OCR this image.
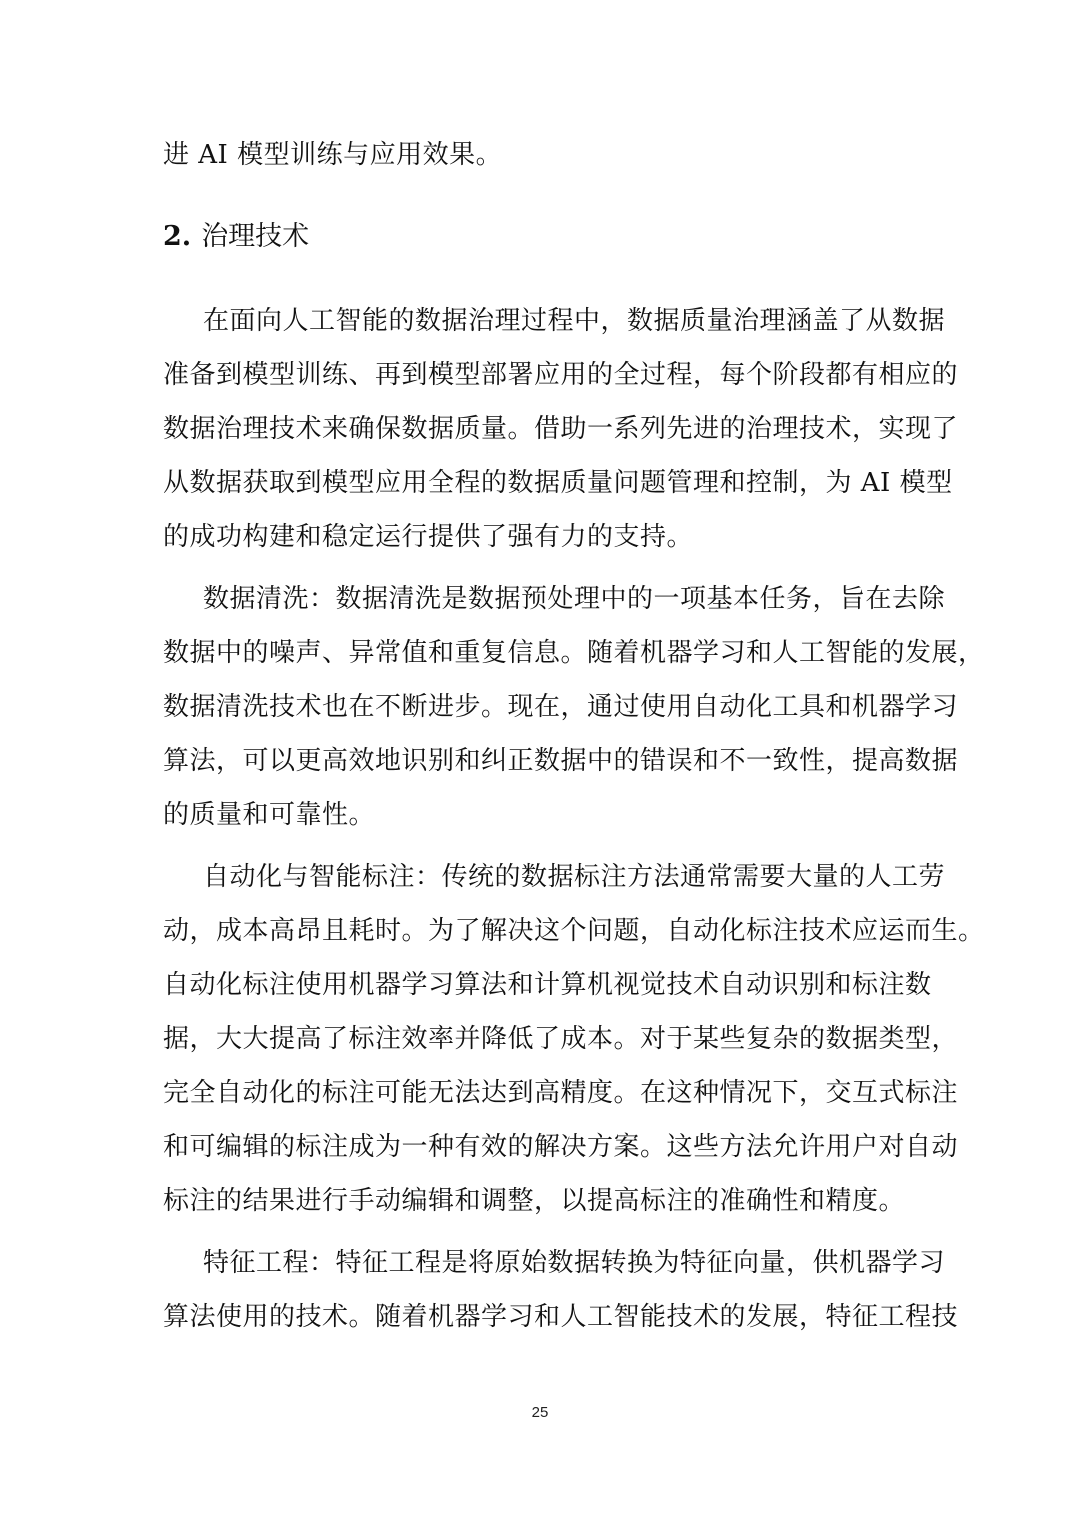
进 AI 模型训练与应用效果。

2. 治理技术

在面向人工智能的数据治理过程中，数据质量治理涵盖了从数据

准备到模型训练、再到模型部署应用的全过程，每个阶段都有相应的

数据治理技术来确保数据质量。借助一系列先进的治理技术，实现了

从数据获取到模型应用全程的数据质量问题管理和控制，为 AI 模型

的成功构建和稳定运行提供了强有力的支持。

数据清洗：数据清洗是数据预处理中的一项基本任务，旨在去除

数据中的噪声、异常值和重复信息。随着机器学习和人工智能的发展，

数据清洗技术也在不断进步。现在，通过使用自动化工具和机器学习

算法，可以更高效地识别和纠正数据中的错误和不一致性，提高数据

的质量和可靠性。

自动化与智能标注：传统的数据标注方法通常需要大量的人工劳

动，成本高昂且耗时。为了解决这个问题，自动化标注技术应运而生。

自动化标注使用机器学习算法和计算机视觉技术自动识别和标注数

据，大大提高了标注效率并降低了成本。对于某些复杂的数据类型，

完全自动化的标注可能无法达到高精度。在这种情况下，交互式标注

和可编辑的标注成为一种有效的解决方案。这些方法允许用户对自动

标注的结果进行手动编辑和调整，以提高标注的准确性和精度。

特征工程：特征工程是将原始数据转换为特征向量，供机器学习

算法使用的技术。随着机器学习和人工智能技术的发展，特征工程技

25
